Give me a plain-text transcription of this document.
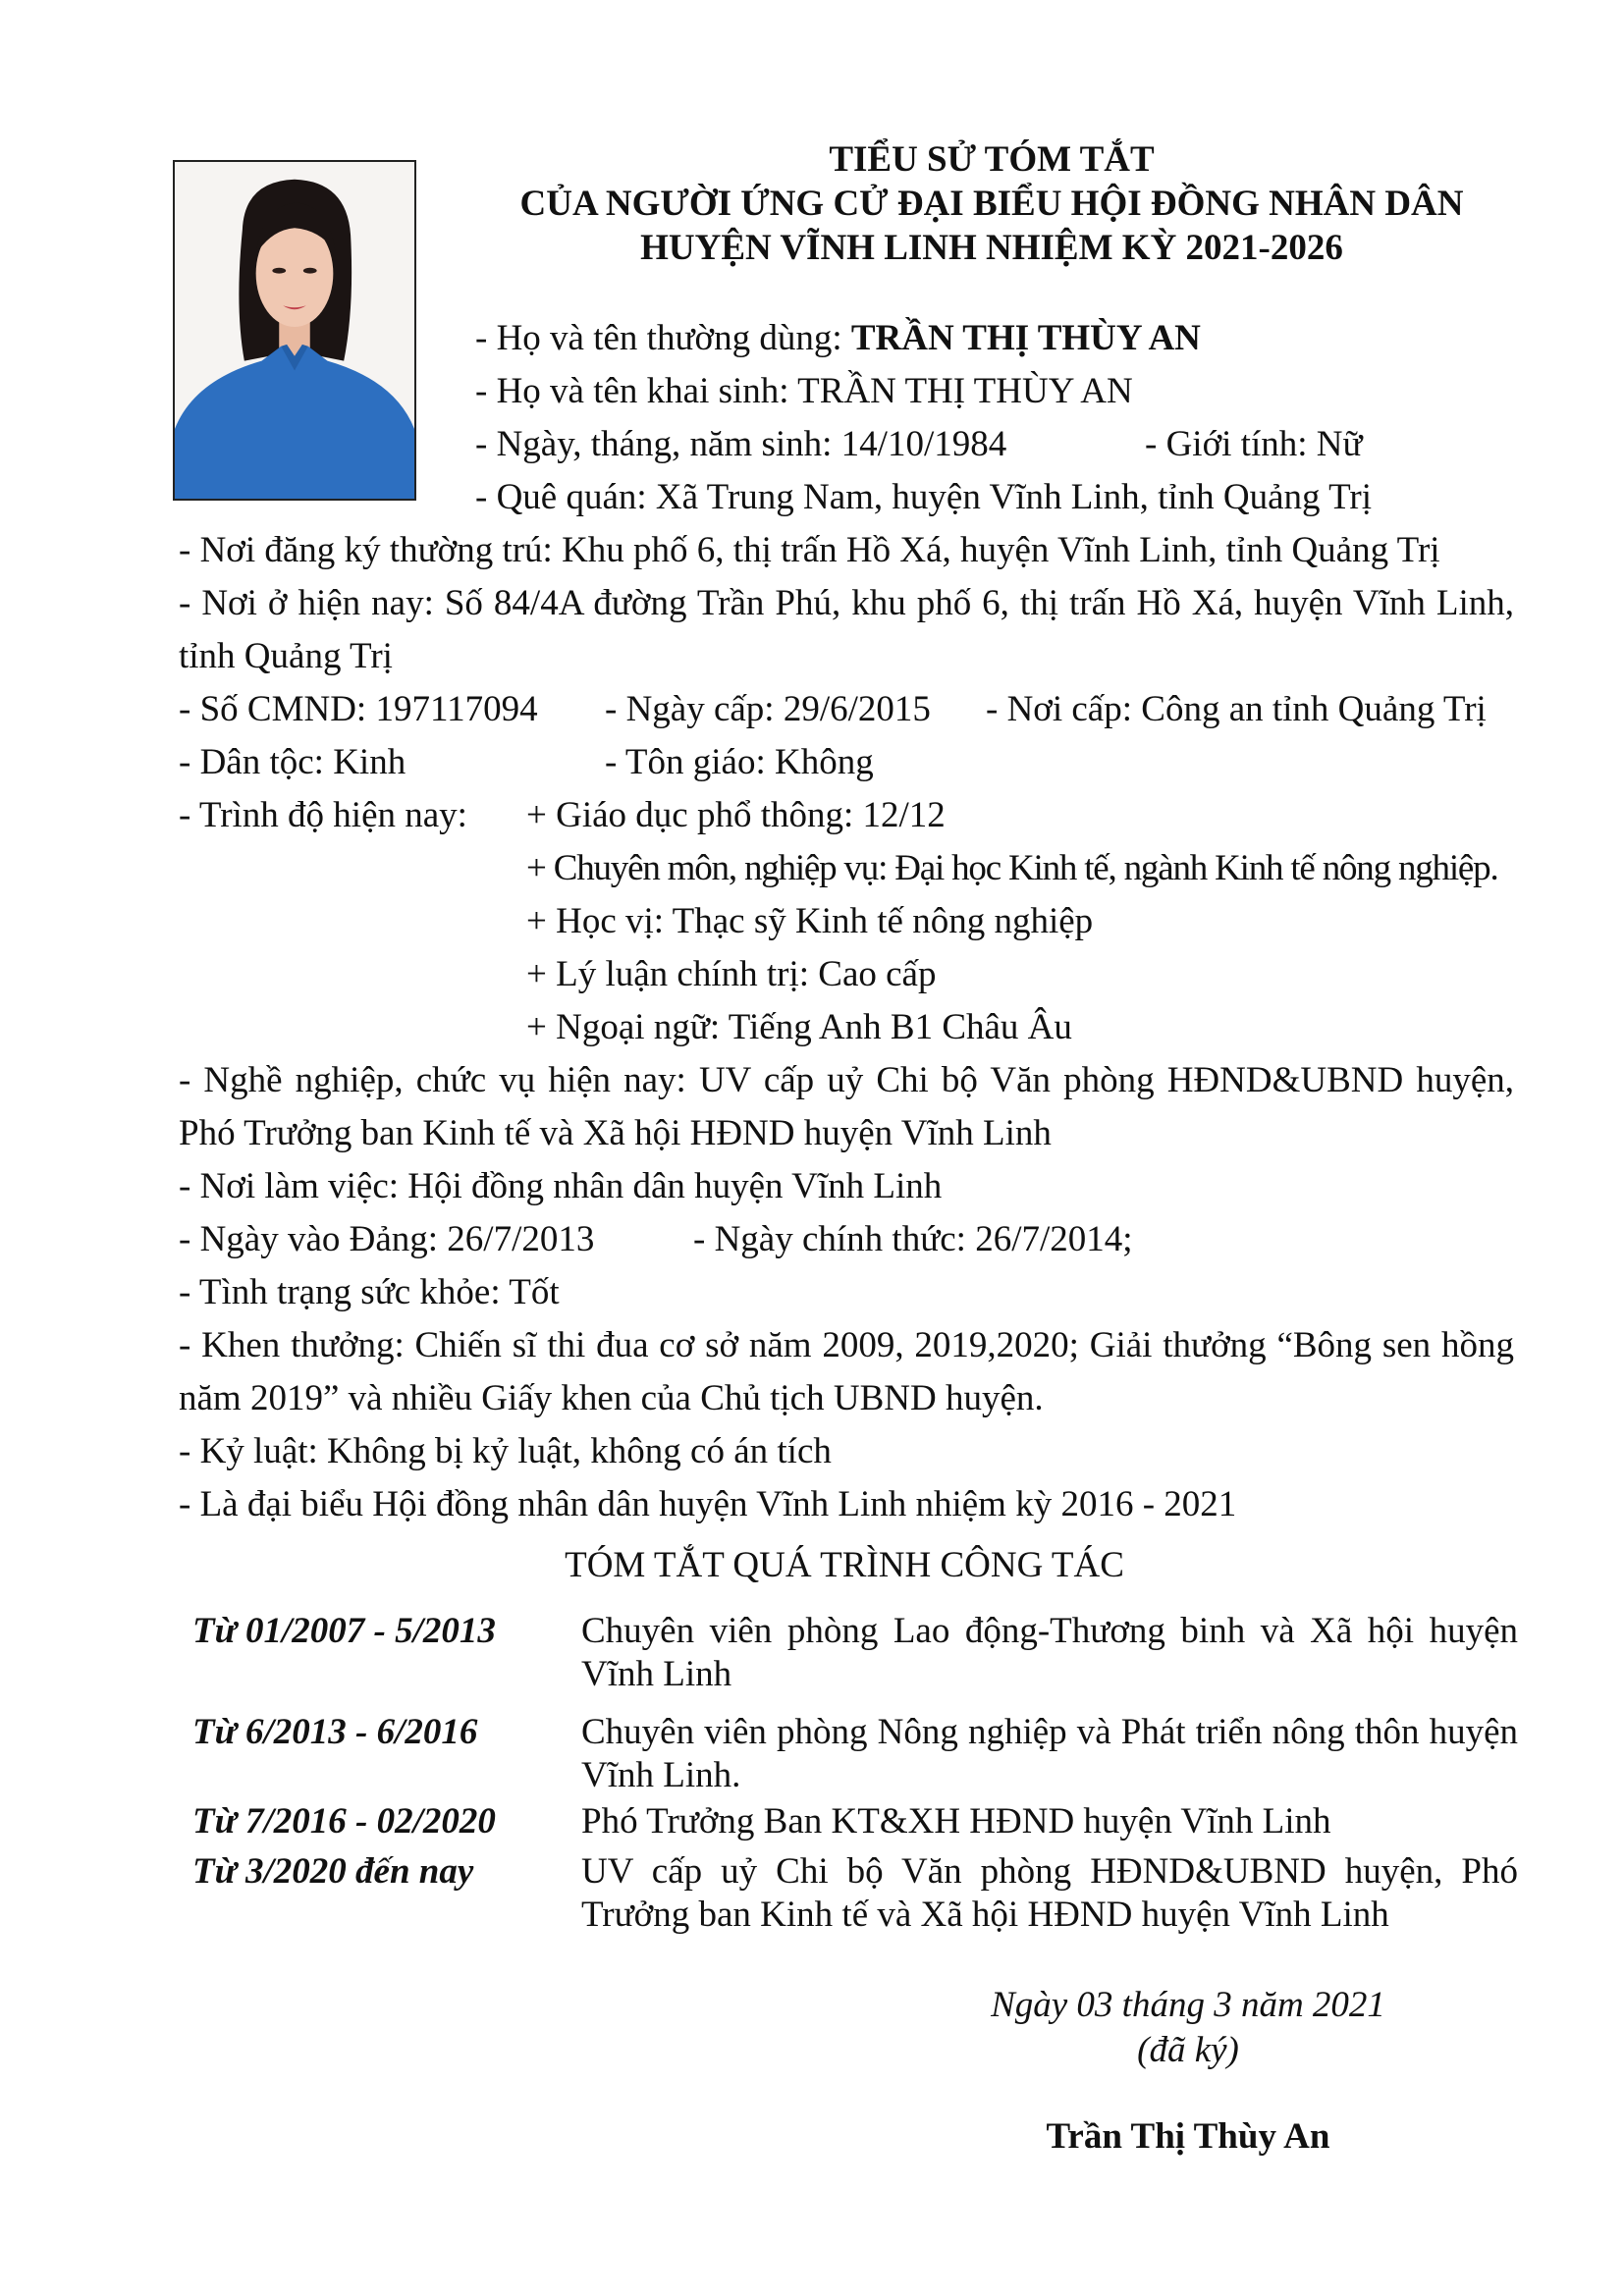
TIỂU SỬ TÓM TẮT
CỦA NGƯỜI ỨNG CỬ ĐẠI BIỂU HỘI ĐỒNG NHÂN DÂN
HUYỆN VĨNH LINH NHIỆM KỲ 2021-2026
- Họ và tên thường dùng: TRẦN THỊ THÙY AN
- Họ và tên khai sinh: TRẦN THỊ THÙY AN
- Ngày, tháng, năm sinh: 14/10/1984	- Giới tính: Nữ
- Quê quán: Xã Trung Nam, huyện Vĩnh Linh, tỉnh Quảng Trị
- Nơi đăng ký thường trú: Khu phố 6, thị trấn Hồ Xá, huyện Vĩnh Linh, tỉnh Quảng Trị
- Nơi ở hiện nay: Số 84/4A đường Trần Phú, khu phố 6, thị trấn Hồ Xá, huyện Vĩnh Linh, tỉnh Quảng Trị
- Số CMND: 197117094 - Ngày cấp: 29/6/2015 - Nơi cấp: Công an tỉnh Quảng Trị
- Dân tộc: Kinh	- Tôn giáo: Không
- Trình độ hiện nay: + Giáo dục phổ thông: 12/12
+ Chuyên môn, nghiệp vụ: Đại học Kinh tế, ngành Kinh tế nông nghiệp.
+ Học vị: Thạc sỹ Kinh tế nông nghiệp
+ Lý luận chính trị: Cao cấp
+ Ngoại ngữ: Tiếng Anh B1 Châu Âu
- Nghề nghiệp, chức vụ hiện nay: UV cấp uỷ Chi bộ Văn phòng HĐND&UBND huyện, Phó Trưởng ban Kinh tế và Xã hội HĐND huyện Vĩnh Linh
- Nơi làm việc: Hội đồng nhân dân huyện Vĩnh Linh
- Ngày vào Đảng: 26/7/2013	- Ngày chính thức: 26/7/2014;
- Tình trạng sức khỏe: Tốt
- Khen thưởng: Chiến sĩ thi đua cơ sở năm 2009, 2019,2020; Giải thưởng “Bông sen hồng năm 2019” và nhiều Giấy khen của Chủ tịch UBND huyện.
- Kỷ luật: Không bị kỷ luật, không có án tích
- Là đại biểu Hội đồng nhân dân huyện Vĩnh Linh nhiệm kỳ 2016 - 2021
TÓM TẮT QUÁ TRÌNH CÔNG TÁC
Từ 01/2007 - 5/2013	Chuyên viên phòng Lao động-Thương binh và Xã hội huyện Vĩnh Linh
Từ 6/2013 - 6/2016	Chuyên viên phòng Nông nghiệp và Phát triển nông thôn huyện Vĩnh Linh.
Từ 7/2016 - 02/2020	Phó Trưởng Ban KT&XH HĐND huyện Vĩnh Linh
Từ 3/2020 đến nay	UV cấp uỷ Chi bộ Văn phòng HĐND&UBND huyện, Phó Trưởng ban Kinh tế và Xã hội HĐND huyện Vĩnh Linh
Ngày 03 tháng 3 năm 2021
(đã ký)
Trần Thị Thùy An
